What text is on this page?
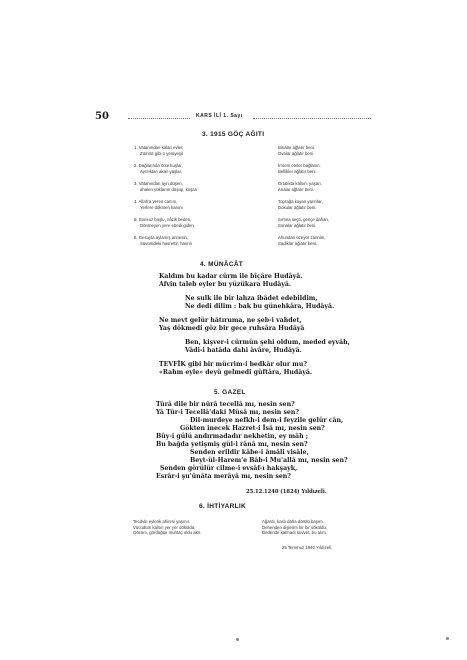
50	KARS İLİ 1. Sayı
3. 1915 GÖÇ AĞITI
1. Vatanından kalan evler,
Zümrüt gibi o yemyeşil
2. Dağlarında ötse kuşlar,
Ayrılıktan akan yaşlar,
3. Vatanından ayrı düşen,
ahalen yoklarım düşüp, koşan
4. Allah'a veren canını,
Yerlere dökmen kanını
5. Sonsuz boşlu, nâzik beden,
Dönmeyen yere ebedi giden
6. Gesuyla aylamış annesin,
Süvümdeki hasrettir, hasrın
Binalar ağlatır beni.
Ovalar ağlatır beni.
İmrem eteler bağlasın.
Bellikler ağlatır beni.
Ortalıkta kalsın, yaşarı,
Analar ağlatır beni.
Toprağa koyan yarınlar,
Dokular ağlatır beni.
Sırtına seçti, gençe dahan,
Sonalar ağlatır beni.
Ahundan üzeyor zannim,
Sadiklar ağlatır beni.
4. MÜNÂCÂT
Kaldım bu kadar cürm ile bîçâre Hudâyâ.
Afvin taleb eyler bu yüzükara Hudâyâ.
Ne sulk ile bir lahza ibâdet edebildim,
Ne dedi dilim : bak bu günehkâra, Hudâyâ.
Ne mevt gelür hâtıruma, ne şeb-i vahdet,
Yaş dökmedi göz bir gece ruhsâra Hudâyâ
Ben, kişver-i cürmün şehi oldum, meded eyvâh,
Vâdi-i hatâda dahi âvâre, Hudâyâ.
TEVFÎK gibi bir mücrim-i bedkâr olur mu?
«Rahm eyle» deyü gelmedi güftâra, Hudâyâ.
5. GAZEL
Tûrâ dile bir nûrâ tecellâ mı, nesin sen?
Yâ Tûr-i Tecellâ'daki Mûsâ mı, nesin sen?
Dil-murdeye nefkh-i dem-i feyzile gelür cân,
Gökten inecek Hazret-i Îsâ mı, nesin sen?
Bûy-i gülü andırmadadır nekhetin, ey mâh ;
Bu bağda yetişmiş gül-i rânâ mı, nesin sen?
Senden erildir kâbe-i âmâli visâle,
Beyt-ül-Harem'e Bâb-i Mu'allâ mı, nesin sen?
Senden görülür cilme-i evsâf-ı hakşayk,
Esrâr-i şu'ûnâta merâyâ mı, nesin sen?
25.12.1240 (1824) Yıldızeli.
6. İHTİYARLIK
Tecdvle eylerik ahiresi yaşınır.
Vücüdüm kalsın yer yer döküldü,
Göcüm, gördüğüe muhtaç oldu akır.
Ağardı, kaslı daha dörülü başım.
Dehenden dişlerim bir bir söküldü.
Dedende kalmadı kuvvet, bu alım.
25 Temmuz 1940 Yıldızeli.
